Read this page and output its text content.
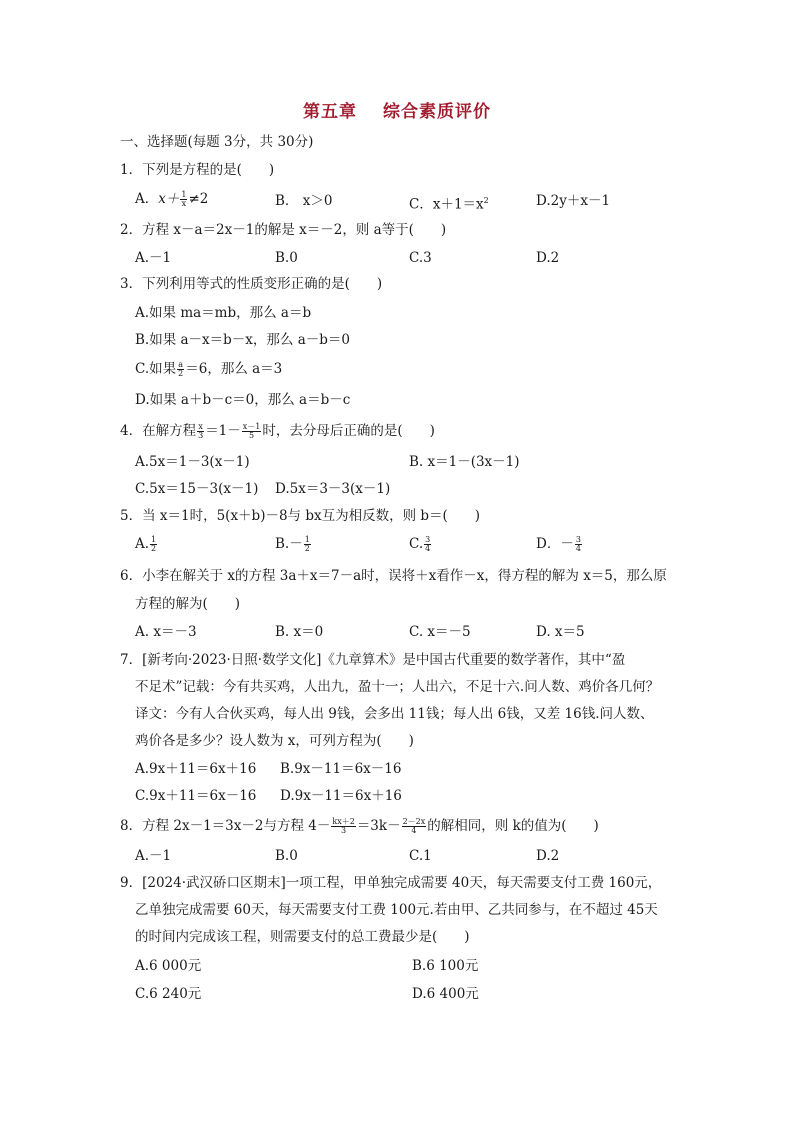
第五章 综合素质评价
一、选择题(每题 3分，共 30分)
1．下列是方程的是(　　)
A．$x+ \frac{1}{x} \ne 2$	B． x＞0	C．$x+1=x^2$	D.2y＋x－1
2．方程 x－a＝2x－1的解是 x＝－2，则 a等于(　　)
A.－1	B.0	C.3	D.2
3．下列利用等式的性质变形正确的是(　　)
A.如果 ma＝mb，那么 a＝b
B.如果 a－x＝b－x，那么 a－b＝0
C.如果 $\frac{a}{2} =6$，那么 a＝3
D.如果 a＋b－c＝0，那么 a＝b－c
4．在解方程 $\frac{x}{3} =1- \frac{x-1}{5}$ 时，去分母后正确的是(　　)
A.5x＝1－3(x－1)	B. x＝1－(3x－1)
C.5x＝15－3(x－1) D.5x＝3－3(x－1)
5．当 x＝1时，5(x＋b)－8与 bx互为相反数，则 b＝(　　)
A. $\frac{1}{2}$	$B.- \frac{1}{2}$	C. $\frac{3}{4}$	D．－ $\frac{3}{4}$
6．小李在解关于 x的方程 3a＋x＝7－a时，误将＋x看作－x，得方程的解为 x＝5，那么原
方程的解为(　　)
A. x＝－3	B. x＝0	C. x＝－5	D. x＝5
7．[新考向·2023·日照·数学文化]《九章算术》是中国古代重要的数学著作，其中“盈
不足术”记载：今有共买鸡，人出九，盈十一；人出六，不足十六.问人数、鸡价各几何？
译文：今有人合伙买鸡，每人出 9钱，会多出 11钱；每人出 6钱，又差 16钱.问人数、
鸡价各是多少？设人数为 x，可列方程为(　　)
A.9x＋11＝6x＋16 B.9x－11＝6x－16
C.9x＋11＝6x－16 D.9x－11＝6x＋16
8．方程 2x－1＝3x－2与方程 $4- \frac{kx+2}{3} =3k- \frac{2-2x}{4}$ 的解相同，则 k的值为(　　)
A.－1	B.0	C.1	D.2
9．[2024·武汉硚口区期末]一项工程，甲单独完成需要 40天，每天需要支付工费 160元，
乙单独完成需要 60天，每天需要支付工费 100元.若由甲、乙共同参与，在不超过 45天
的时间内完成该工程，则需要支付的总工费最少是(　　)
A.6 000元	B.6 100元
C.6 240元	D.6 400元
